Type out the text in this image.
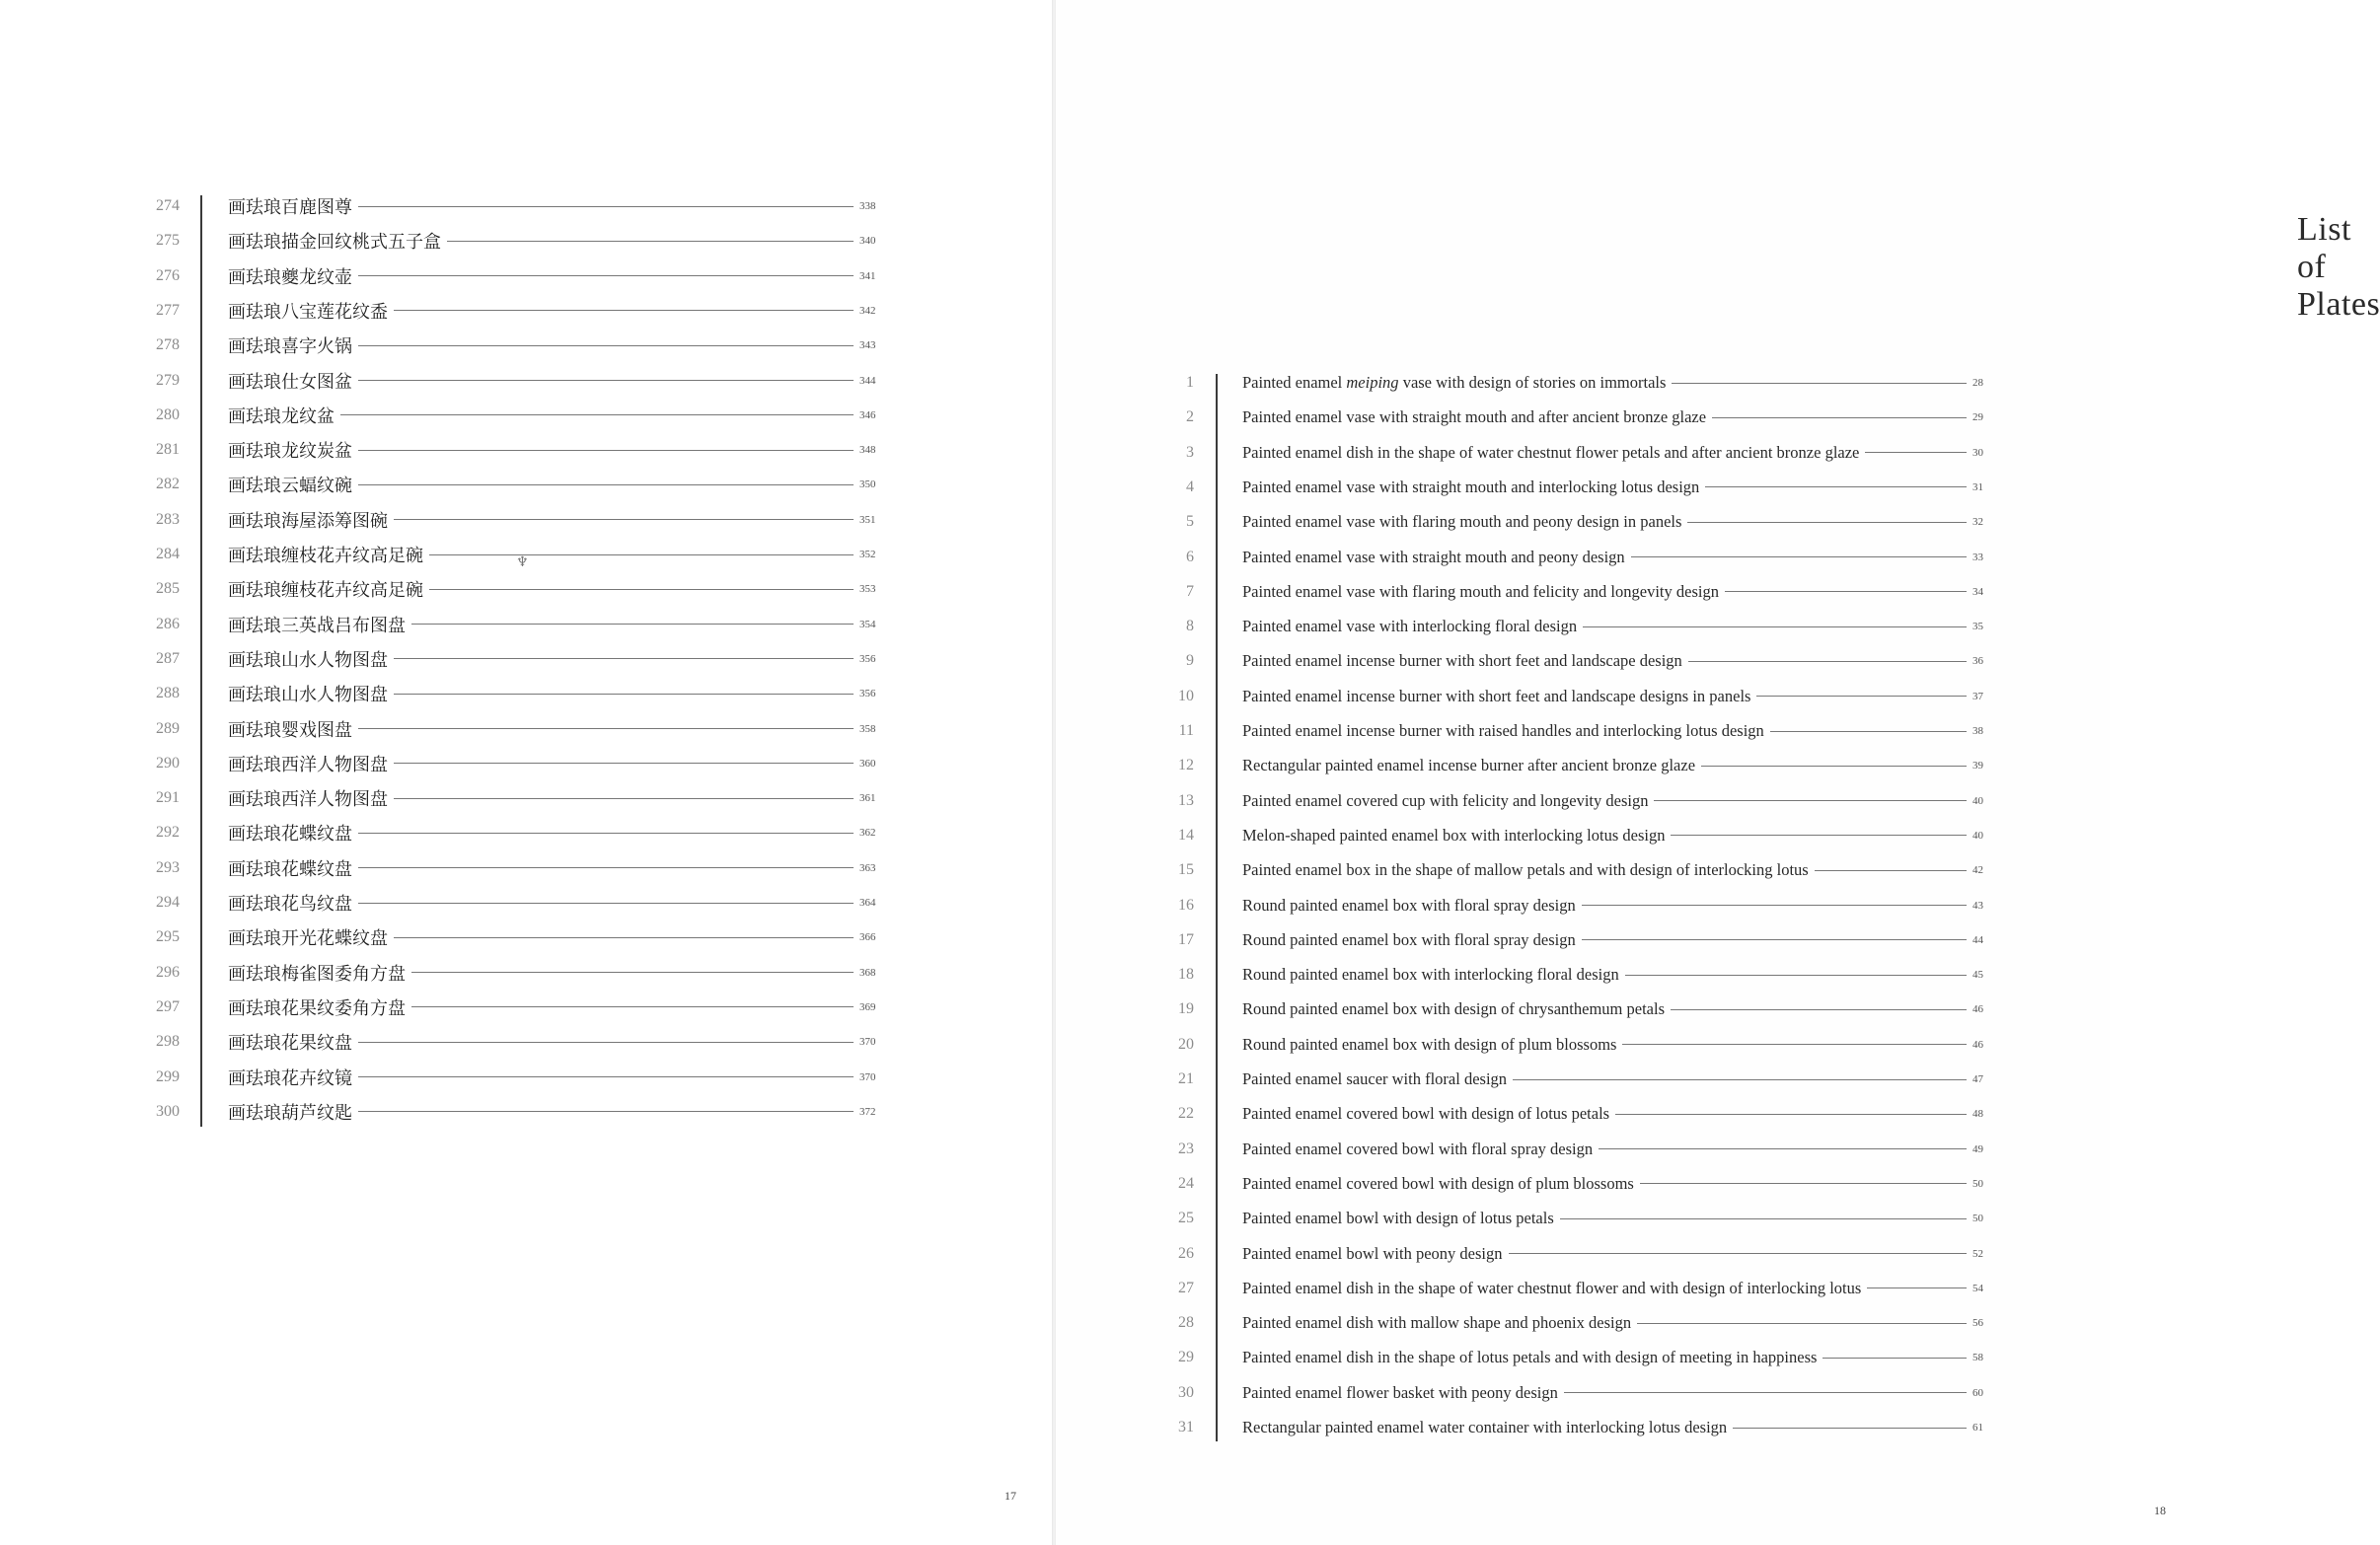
274	画珐琅百鹿图尊	338
275	画珐琅描金回纹桃式五子盒	340
276	画珐琅夔龙纹壶	341
277	画珐琅八宝莲花纹盉	342
278	画珐琅喜字火锅	343
279	画珐琅仕女图盆	344
280	画珐琅龙纹盆	346
281	画珐琅龙纹炭盆	348
282	画珐琅云蝠纹碗	350
283	画珐琅海屋添筹图碗	351
284	画珐琅缠枝花卉纹高足碗	352
285	画珐琅缠枝花卉纹高足碗	353
286	画珐琅三英战吕布图盘	354
287	画珐琅山水人物图盘	356
288	画珐琅山水人物图盘	356
289	画珐琅婴戏图盘	358
290	画珐琅西洋人物图盘	360
291	画珐琅西洋人物图盘	361
292	画珐琅花蝶纹盘	362
293	画珐琅花蝶纹盘	363
294	画珐琅花鸟纹盘	364
295	画珐琅开光花蝶纹盘	366
296	画珐琅梅雀图委角方盘	368
297	画珐琅花果纹委角方盘	369
298	画珐琅花果纹盘	370
299	画珐琅花卉纹镜	370
300	画珐琅葫芦纹匙	372
17
♆
List of Plates
18
1	Painted enamel meiping vase with design of stories on immortals	28
2	Painted enamel vase with straight mouth and after ancient bronze glaze	29
3	Painted enamel dish in the shape of water chestnut flower petals and after ancient bronze glaze	30
4	Painted enamel vase with straight mouth and interlocking lotus design	31
5	Painted enamel vase with flaring mouth and peony design in panels	32
6	Painted enamel vase with straight mouth and peony design	33
7	Painted enamel vase with flaring mouth and felicity and longevity design	34
8	Painted enamel vase with interlocking floral design	35
9	Painted enamel incense burner with short feet and landscape design	36
10	Painted enamel incense burner with short feet and landscape designs in panels	37
11	Painted enamel incense burner with raised handles and interlocking lotus design	38
12	Rectangular painted enamel incense burner after ancient bronze glaze	39
13	Painted enamel covered cup with felicity and longevity design	40
14	Melon-shaped painted enamel box with interlocking lotus design	40
15	Painted enamel box in the shape of mallow petals and with design of interlocking lotus	42
16	Round painted enamel box with floral spray design	43
17	Round painted enamel box with floral spray design	44
18	Round painted enamel box with interlocking floral design	45
19	Round painted enamel box with design of chrysanthemum petals	46
20	Round painted enamel box with design of plum blossoms	46
21	Painted enamel saucer with floral design	47
22	Painted enamel covered bowl with design of lotus petals	48
23	Painted enamel covered bowl with floral spray design	49
24	Painted enamel covered bowl with design of plum blossoms	50
25	Painted enamel bowl with design of lotus petals	50
26	Painted enamel bowl with peony design	52
27	Painted enamel dish in the shape of water chestnut flower and with design of interlocking lotus	54
28	Painted enamel dish with mallow shape and phoenix design	56
29	Painted enamel dish in the shape of lotus petals and with design of meeting in happiness	58
30	Painted enamel flower basket with peony design	60
31	Rectangular painted enamel water container with interlocking lotus design	61
